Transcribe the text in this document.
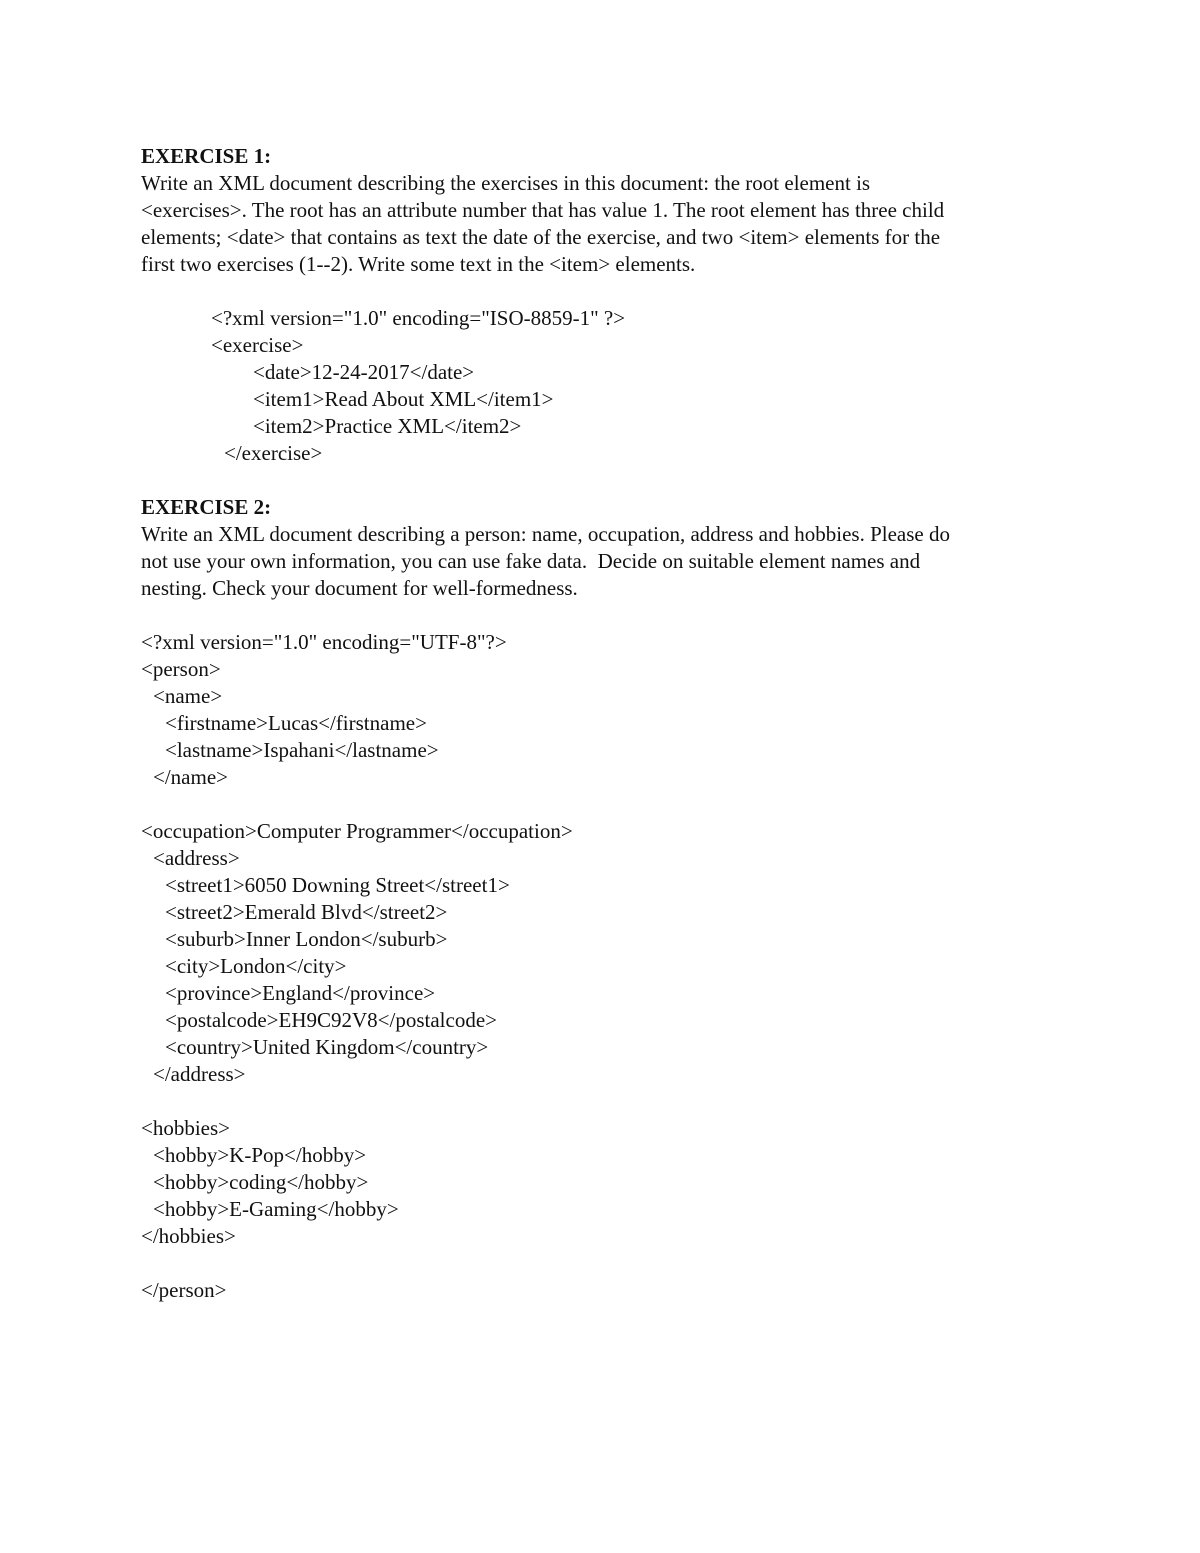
EXERCISE 1:
Write an XML document describing the exercises in this document: the root element is
<exercises>. The root has an attribute number that has value 1. The root element has three child
elements; <date> that contains as text the date of the exercise, and two <item> elements for the
first two exercises (1--2). Write some text in the <item> elements.
<?xml version="1.0" encoding="ISO-8859-1" ?>
<exercise>
<date>12-24-2017</date>
<item1>Read About XML</item1>
<item2>Practice XML</item2>
</exercise>
EXERCISE 2:
Write an XML document describing a person: name, occupation, address and hobbies. Please do
not use your own information, you can use fake data.  Decide on suitable element names and
nesting. Check your document for well-formedness.
<?xml version="1.0" encoding="UTF-8"?>
<person>
<name>
<firstname>Lucas</firstname>
<lastname>Ispahani</lastname>
</name>
<occupation>Computer Programmer</occupation>
<address>
<street1>6050 Downing Street</street1>
<street2>Emerald Blvd</street2>
<suburb>Inner London</suburb>
<city>London</city>
<province>England</province>
<postalcode>EH9C92V8</postalcode>
<country>United Kingdom</country>
</address>
<hobbies>
<hobby>K-Pop</hobby>
<hobby>coding</hobby>
<hobby>E-Gaming</hobby>
</hobbies>
</person>
